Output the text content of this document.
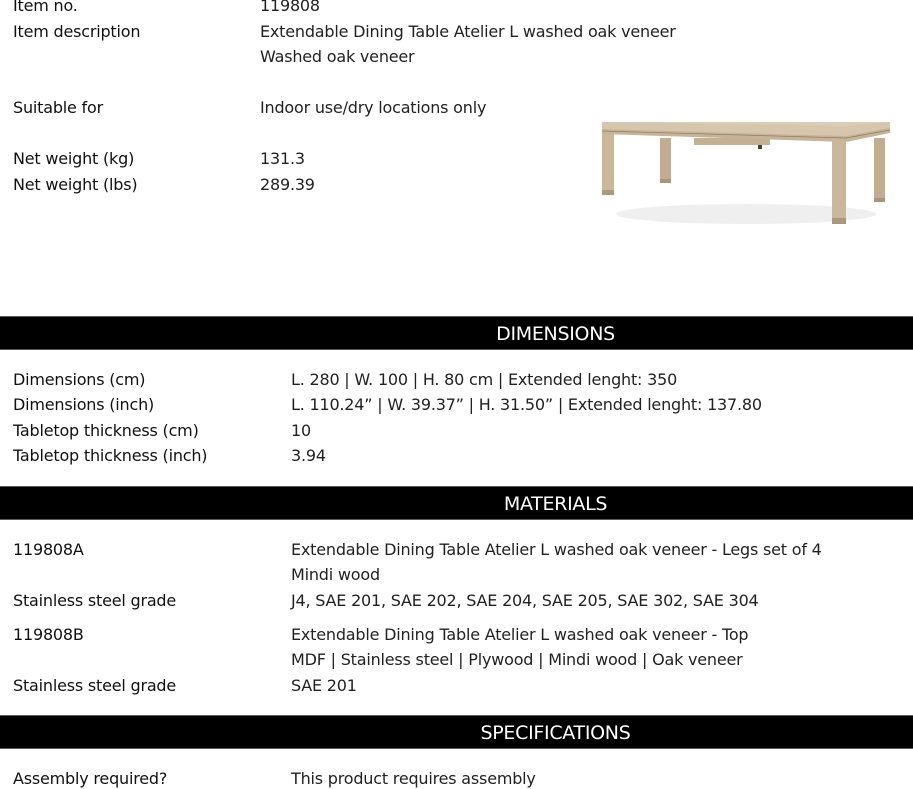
Item no.	119808
Item description	Extendable Dining Table Atelier L washed oak veneer
Washed oak veneer
Suitable for	Indoor use/dry locations only
Net weight (kg)	131.3
Net weight (lbs)	289.39
DIMENSIONS
Dimensions (cm)	L. 280 | W. 100 | H. 80 cm | Extended lenght: 350
Dimensions (inch)	L. 110.24” | W. 39.37” | H. 31.50” | Extended lenght: 137.80
Tabletop thickness (cm)	10
Tabletop thickness (inch)	3.94
MATERIALS
119808A	Extendable Dining Table Atelier L washed oak veneer - Legs set of 4
Mindi wood
Stainless steel grade	J4, SAE 201, SAE 202, SAE 204, SAE 205, SAE 302, SAE 304
119808B	Extendable Dining Table Atelier L washed oak veneer - Top
MDF | Stainless steel | Plywood | Mindi wood | Oak veneer
Stainless steel grade	SAE 201
SPECIFICATIONS
Assembly required?	This product requires assembly
